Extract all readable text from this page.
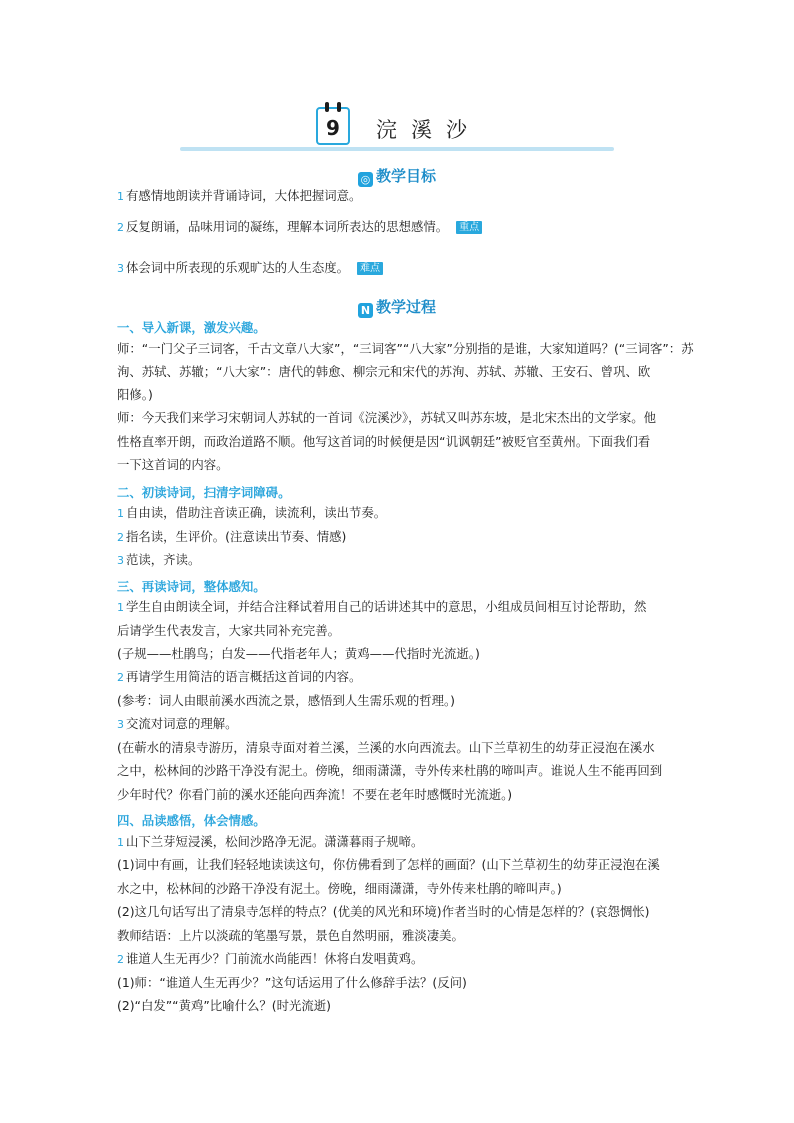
9	浣溪沙
◎ 教学目标
1 有感情地朗读并背诵诗词，大体把握词意。
2 反复朗诵，品味用词的凝练，理解本词所表达的思想感情。 重点
3 体会词中所表现的乐观旷达的人生态度。 难点
N 教学过程
一、导入新课，激发兴趣。
师：“一门父子三词客，千古文章八大家”，“三词客”“八大家”分别指的是谁，大家知道吗？(“三词客”：苏
洵、苏轼、苏辙；“八大家”：唐代的韩愈、柳宗元和宋代的苏洵、苏轼、苏辙、王安石、曾巩、欧
阳修。)
师：今天我们来学习宋朝词人苏轼的一首词《浣溪沙》，苏轼又叫苏东坡，是北宋杰出的文学家。他
性格直率开朗，而政治道路不顺。他写这首词的时候便是因“讥讽朝廷”被贬官至黄州。下面我们看
一下这首词的内容。
二、初读诗词，扫清字词障碍。
1 自由读，借助注音读正确，读流利，读出节奏。
2 指名读，生评价。(注意读出节奏、情感)
3 范读，齐读。
三、再读诗词，整体感知。
1 学生自由朗读全词，并结合注释试着用自己的话讲述其中的意思，小组成员间相互讨论帮助，然
后请学生代表发言，大家共同补充完善。
(子规——杜鹃鸟；白发——代指老年人；黄鸡——代指时光流逝。)
2 再请学生用简洁的语言概括这首词的内容。
(参考：词人由眼前溪水西流之景，感悟到人生需乐观的哲理。)
3 交流对词意的理解。
(在蕲水的清泉寺游历，清泉寺面对着兰溪，兰溪的水向西流去。山下兰草初生的幼芽正浸泡在溪水
之中，松林间的沙路干净没有泥土。傍晚，细雨潇潇，寺外传来杜鹃的啼叫声。谁说人生不能再回到
少年时代？你看门前的溪水还能向西奔流！不要在老年时感慨时光流逝。)
四、品读感悟，体会情感。
1 山下兰芽短浸溪，松间沙路净无泥。潇潇暮雨子规啼。
(1)词中有画，让我们轻轻地读读这句，你仿佛看到了怎样的画面？(山下兰草初生的幼芽正浸泡在溪
水之中，松林间的沙路干净没有泥土。傍晚，细雨潇潇，寺外传来杜鹃的啼叫声。)
(2)这几句话写出了清泉寺怎样的特点？(优美的风光和环境)作者当时的心情是怎样的？(哀怨惆怅)
教师结语：上片以淡疏的笔墨写景，景色自然明丽，雅淡凄美。
2 谁道人生无再少？门前流水尚能西！休将白发唱黄鸡。
(1)师：“谁道人生无再少？”这句话运用了什么修辞手法？(反问)
(2)“白发”“黄鸡”比喻什么？(时光流逝)
